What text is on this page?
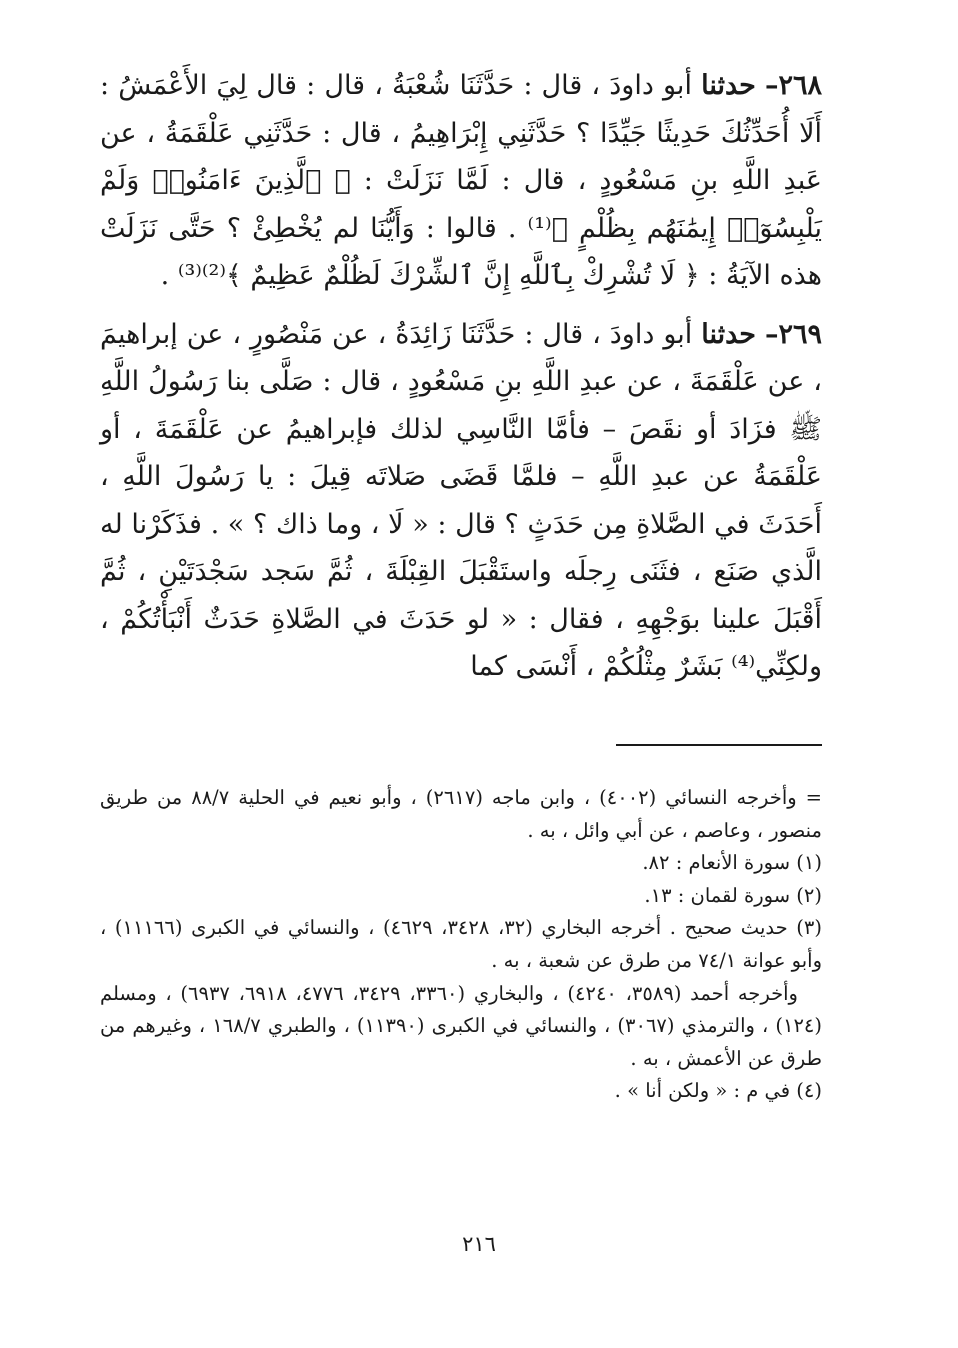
٢٦٨– حدثنا أبو داودَ ، قال : حَدَّثَنَا شُعْبَةُ ، قال : قال لِيَ الأَعْمَشُ : أَلَا أُحَدِّثُكَ حَدِيثًا جَيِّدًا ؟ حَدَّثَنِي إِبْرَاهِيمُ ، قال : حَدَّثَنِي عَلْقَمَةُ ، عن عَبدِ اللَّهِ بنِ مَسْعُودٍ ، قال : لَمَّا نَزَلَتْ : ﴿ ٱلَّذِينَ ءَامَنُوا۟ وَلَمْ يَلْبِسُوٓا۟ إِيمَٰنَهُم بِظُلْمٍ ﴾⁽¹⁾ . قالوا : وَأَيُّنَا لم يُخْطِئْ ؟ حَتَّى نَزَلَتْ هذه الآيَةُ : ﴿ لَا تُشْرِكْ بِٱللَّهِ إِنَّ ٱلشِّرْكَ لَظُلْمٌ عَظِيمٌ ﴾⁽²⁾⁽³⁾ .

٢٦٩– حدثنا أبو داودَ ، قال : حَدَّثَنَا زَائِدَةُ ، عن مَنْصُورٍ ، عن إبراهيمَ ، عن عَلْقَمَةَ ، عن عبدِ اللَّهِ بنِ مَسْعُودٍ ، قال : صَلَّى بنا رَسُولُ اللَّهِ ﷺ فزَادَ أو نقَصَ – فأمَّا النَّاسِي لذلك فإبراهيمُ عن عَلْقَمَةَ ، أو عَلْقَمَةُ عن عبدِ اللَّهِ – فلمَّا قَضَى صَلاتَه قِيلَ : يا رَسُولَ اللَّهِ ، أَحَدَثَ في الصَّلاةِ مِن حَدَثٍ ؟ قال : « لَا ، وما ذاك ؟ » . فذَكَرْنا له الَّذي صَنَع ، فثَنَى رِجلَه واستَقْبَلَ القِبْلَةَ ، ثُمَّ سَجد سَجْدَتَيْنِ ، ثُمَّ أَقْبَلَ علينا بوَجْهِهِ ، فقال : « لو حَدَثَ في الصَّلاةِ حَدَثٌ أَنْبَأْتُكُمْ ، ولكِنِّي⁽⁴⁾ بَشَرٌ مِثْلُكُمْ ، أَنْسَى كما

= وأخرجه النسائي (٤٠٠٢) ، وابن ماجه (٢٦١٧) ، وأبو نعيم في الحلية ٨٨/٧ من طريق منصور ، وعاصم ، عن أبي وائل ، به .

(١) سورة الأنعام : ٨٢.

(٢) سورة لقمان : ١٣.

(٣) حديث صحيح . أخرجه البخاري (٣٢، ٣٤٢٨، ٤٦٢٩) ، والنسائي في الكبرى (١١١٦٦) ، وأبو عوانة ٧٤/١ من طرق عن شعبة ، به .

وأخرجه أحمد (٣٥٨٩، ٤٢٤٠) ، والبخاري (٣٣٦٠، ٣٤٢٩، ٤٧٧٦، ٦٩١٨، ٦٩٣٧) ، ومسلم (١٢٤) ، والترمذي (٣٠٦٧) ، والنسائي في الكبرى (١١٣٩٠) ، والطبري ١٦٨/٧ ، وغيرهم من طرق عن الأعمش ، به .

(٤) في م : « ولكن أنا » .

٢١٦
